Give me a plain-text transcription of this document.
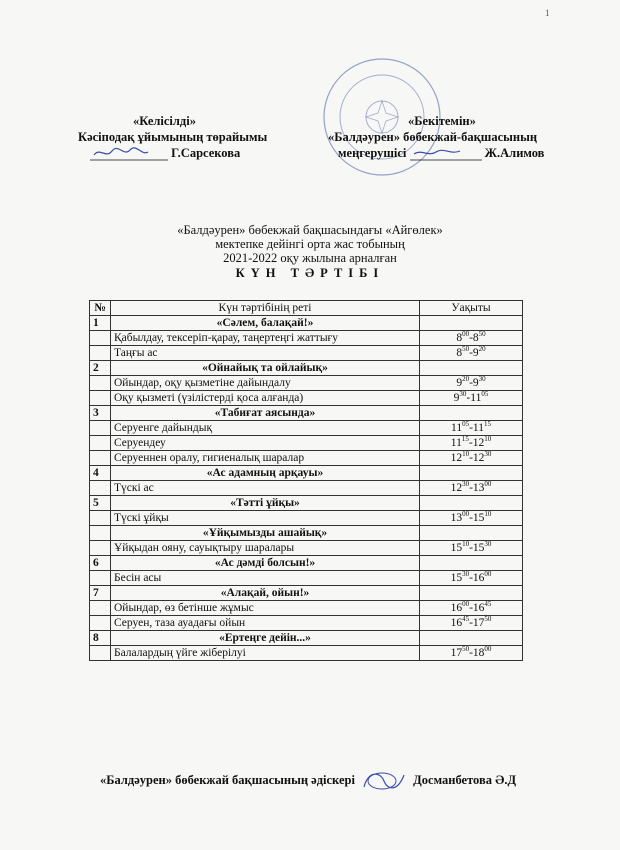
1
«Келісілді»
Кәсіподақ ұйымының төрайымы
Г.Сарсекова
«Бекітемін»
«Балдәурен» бөбекжай-бақшасының
меңгерушісі	Ж.Алимов
«Балдәурен» бөбекжай бақшасындағы «Айгөлек»
мектепке дейінгі орта жас тобының
2021-2022 оқу жылына арналған
КҮН ТӘРТІБІ
№	Күн тәртібінің реті	Уақыты
1	«Сәлем, балақай!»	
	Қабылдау, тексеріп-қарау, таңертеңгі жаттығу	$8^{00}-8^{50}$
	Таңғы ас	$8^{50}-9^{20}$
2	«Ойнайық та ойлайық»	
	Ойындар, оқу қызметіне дайындалу	$9^{20}-9^{30}$
	Оқу қызметі (үзілістерді қоса алғанда)	$9^{30}-11^{05}$
3	«Табиғат аясында»	
	Серуенге дайындық	$11^{05}-11^{15}$
	Серуендеу	$11^{15}-12^{10}$
	Серуеннен оралу, гигиеналық шаралар	$12^{10}-12^{30}$
4	«Ас адамның арқауы»	
	Түскі ас	$12^{30}-13^{00}$
5	«Тәтті ұйқы»	
	Түскі ұйқы	$13^{00}-15^{10}$
	«Ұйқымызды ашайық»	
	Ұйқыдан ояну, сауықтыру шаралары	$15^{10}-15^{30}$
6	«Ас дәмді болсын!»	
	Бесін асы	$15^{30}-16^{00}$
7	«Алақай, ойын!»	
	Ойындар, өз бетінше жұмыс	$16^{00}-16^{45}$
	Серуен, таза ауадағы ойын	$16^{45}-17^{50}$
8	«Ертеңге дейін...»	
	Балалардың үйге жіберілуі	$17^{50}-18^{00}$
«Балдәурен» бөбекжай бақшасының әдіскері	Досманбетова Ә.Д
